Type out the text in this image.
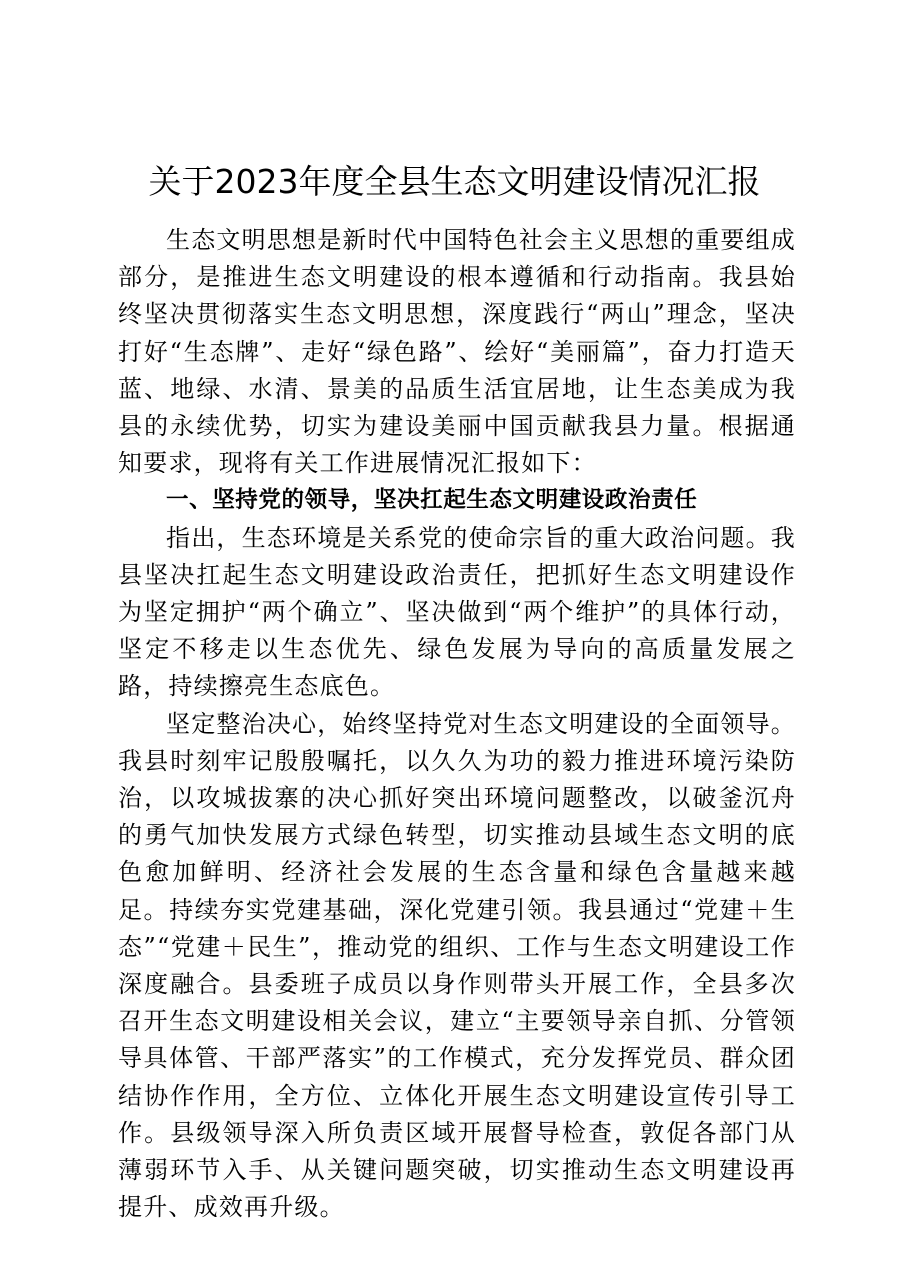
关于2023年度全县生态文明建设情况汇报

生态文明思想是新时代中国特色社会主义思想的重要组成部分，是推进生态文明建设的根本遵循和行动指南。我县始终坚决贯彻落实生态文明思想，深度践行“两山”理念，坚决打好“生态牌”、走好“绿色路”、绘好“美丽篇”，奋力打造天蓝、地绿、水清、景美的品质生活宜居地，让生态美成为我县的永续优势，切实为建设美丽中国贡献我县力量。根据通知要求，现将有关工作进展情况汇报如下：

一、坚持党的领导，坚决扛起生态文明建设政治责任

指出，生态环境是关系党的使命宗旨的重大政治问题。我县坚决扛起生态文明建设政治责任，把抓好生态文明建设作为坚定拥护“两个确立”、坚决做到“两个维护”的具体行动，坚定不移走以生态优先、绿色发展为导向的高质量发展之路，持续擦亮生态底色。

坚定整治决心，始终坚持党对生态文明建设的全面领导。我县时刻牢记殷殷嘱托，以久久为功的毅力推进环境污染防治，以攻城拔寨的决心抓好突出环境问题整改，以破釜沉舟的勇气加快发展方式绿色转型，切实推动县域生态文明的底色愈加鲜明、经济社会发展的生态含量和绿色含量越来越足。持续夯实党建基础，深化党建引领。我县通过“党建＋生态”“党建＋民生”，推动党的组织、工作与生态文明建设工作深度融合。县委班子成员以身作则带头开展工作，全县多次召开生态文明建设相关会议，建立“主要领导亲自抓、分管领导具体管、干部严落实”的工作模式，充分发挥党员、群众团结协作作用，全方位、立体化开展生态文明建设宣传引导工作。县级领导深入所负责区域开展督导检查，敦促各部门从薄弱环节入手、从关键问题突破，切实推动生态文明建设再提升、成效再升级。
